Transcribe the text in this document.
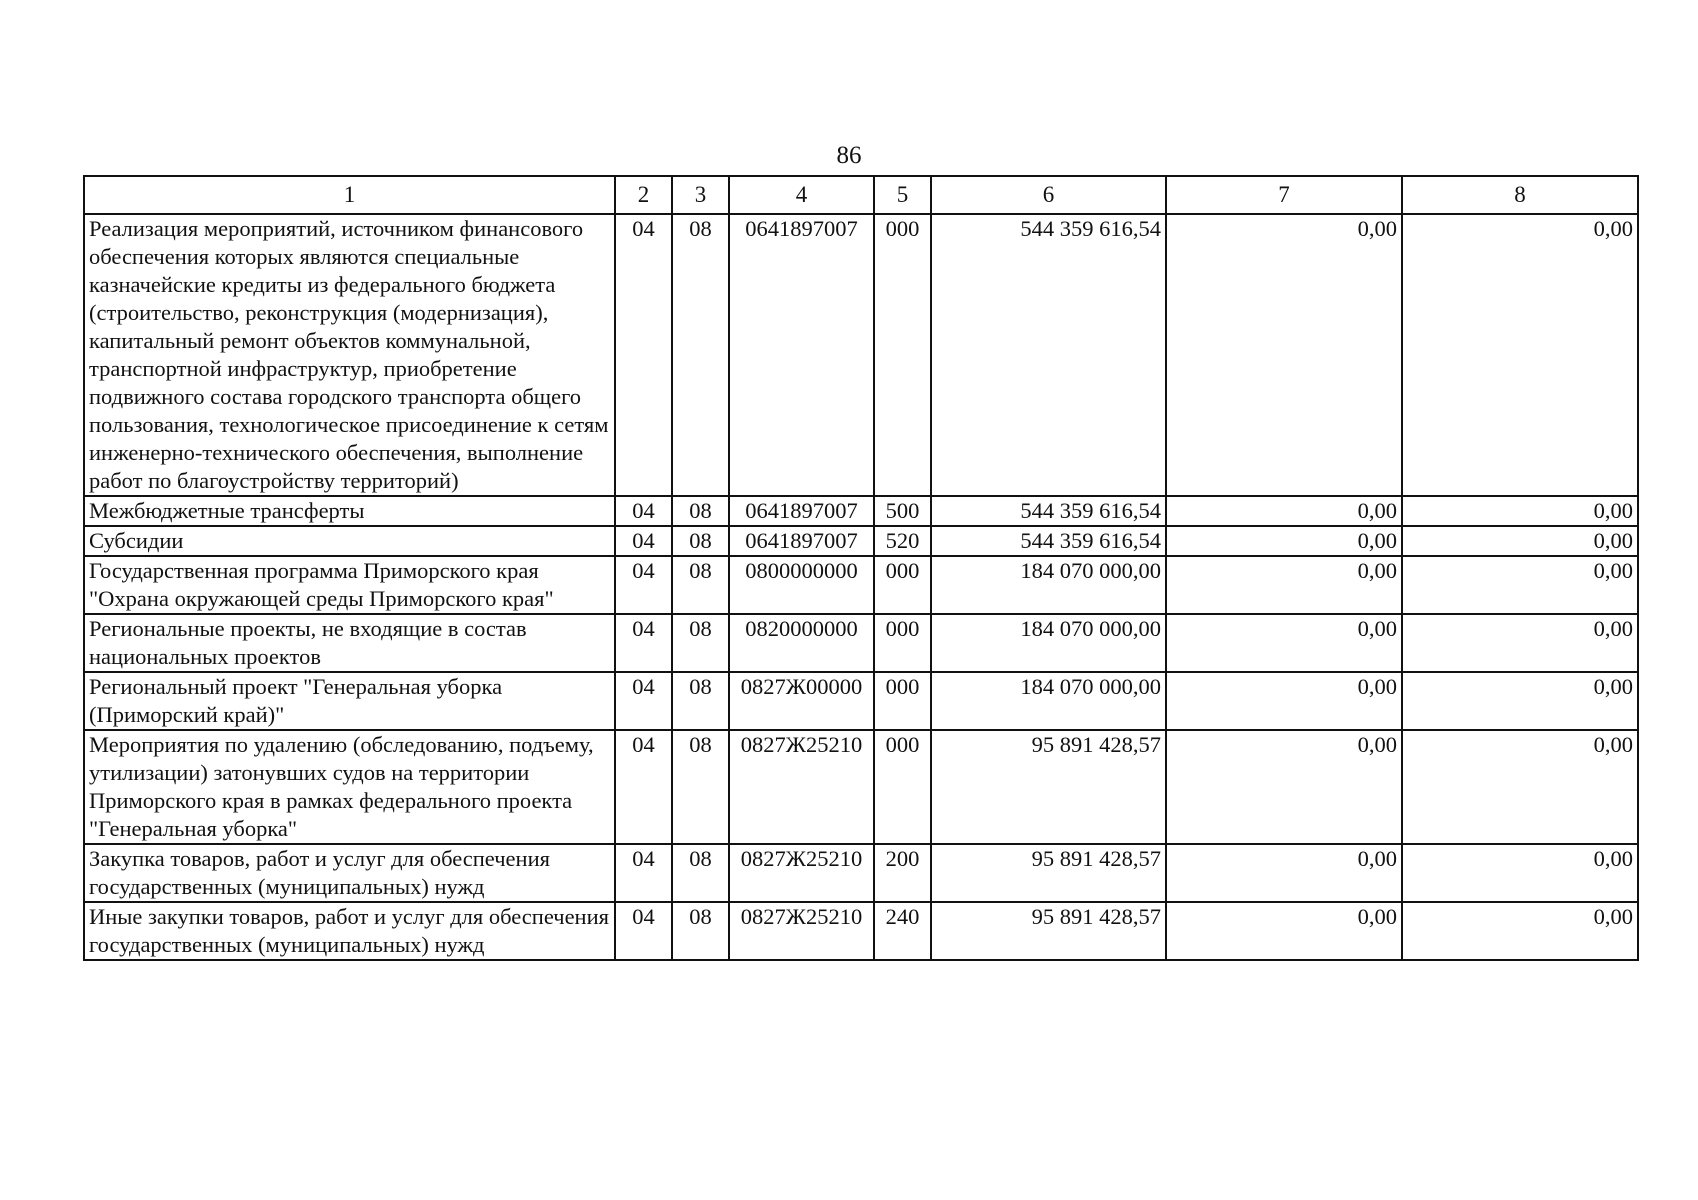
86
1	2	3	4	5	6	7	8
Реализация мероприятий, источником финансового обеспечения которых являются специальные казначейские кредиты из федерального бюджета (строительство, реконструкция (модернизация), капитальный ремонт объектов коммунальной, транспортной инфраструктур, приобретение подвижного состава городского транспорта общего пользования, технологическое присоединение к сетям инженерно-технического обеспечения, выполнение работ по благоустройству территорий)	04	08	0641897007	000	544 359 616,54	0,00	0,00
Межбюджетные трансферты	04	08	0641897007	500	544 359 616,54	0,00	0,00
Субсидии	04	08	0641897007	520	544 359 616,54	0,00	0,00
Государственная программа Приморского края "Охрана окружающей среды Приморского края"	04	08	0800000000	000	184 070 000,00	0,00	0,00
Региональные проекты, не входящие в состав национальных проектов	04	08	0820000000	000	184 070 000,00	0,00	0,00
Региональный проект "Генеральная уборка (Приморский край)"	04	08	0827Ж00000	000	184 070 000,00	0,00	0,00
Мероприятия по удалению (обследованию, подъему, утилизации) затонувших судов на территории Приморского края в рамках федерального проекта "Генеральная уборка"	04	08	0827Ж25210	000	95 891 428,57	0,00	0,00
Закупка товаров, работ и услуг для обеспечения государственных (муниципальных) нужд	04	08	0827Ж25210	200	95 891 428,57	0,00	0,00
Иные закупки товаров, работ и услуг для обеспечения государственных (муниципальных) нужд	04	08	0827Ж25210	240	95 891 428,57	0,00	0,00
